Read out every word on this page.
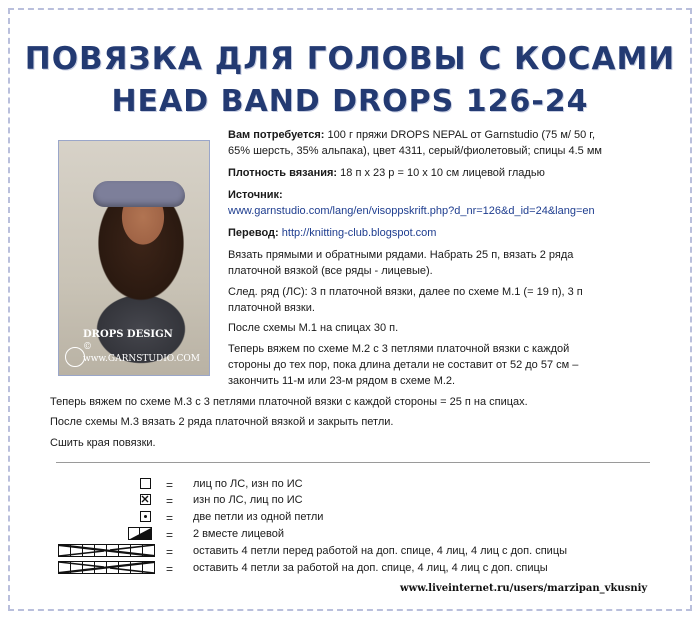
ПОВЯЗКА ДЛЯ ГОЛОВЫ С КОСАМИ
HEAD BAND DROPS 126-24
DROPS DESIGN
© www.GARNSTUDIO.COM
Вам потребуется: 100 г пряжи DROPS NEPAL от Garnstudio (75 м/ 50 г,
65% шерсть, 35% альпака), цвет 4311, серый/фиолетовый; спицы 4.5 мм
Плотность вязания: 18 п х 23 р = 10 х 10 см лицевой гладью
Источник:
www.garnstudio.com/lang/en/visoppskrift.php?d_nr=126&d_id=24&lang=en
Перевод: http://knitting-club.blogspot.com
Вязать прямыми и обратными рядами. Набрать 25 п, вязать 2 ряда
платочной вязкой (все ряды - лицевые).
След. ряд (ЛС): 3 п платочной вязки, далее по схеме М.1 (= 19 п), 3 п
платочной вязки.
После схемы М.1 на спицах 30 п.
Теперь вяжем по схеме М.2 с 3 петлями платочной вязки с каждой
стороны до тех пор, пока длина детали не составит от 52 до 57 см –
закончить 11-м или 23-м рядом в схеме М.2.
Теперь вяжем по схеме М.3 с 3 петлями платочной вязки с каждой стороны = 25 п на спицах.
После схемы М.3 вязать 2 ряда платочной вязкой и закрыть петли.
Сшить края повязки.
=
=
=
=
=
=
лиц по ЛС, изн по ИС
изн по ЛС, лиц по ИС
две петли из одной петли
2 вместе лицевой
оставить 4 петли перед работой на доп. спице, 4 лиц, 4 лиц с доп. спицы
оставить 4 петли за работой на доп. спице, 4 лиц, 4 лиц с доп. спицы
www.liveinternet.ru/users/marzipan_vkusniy
